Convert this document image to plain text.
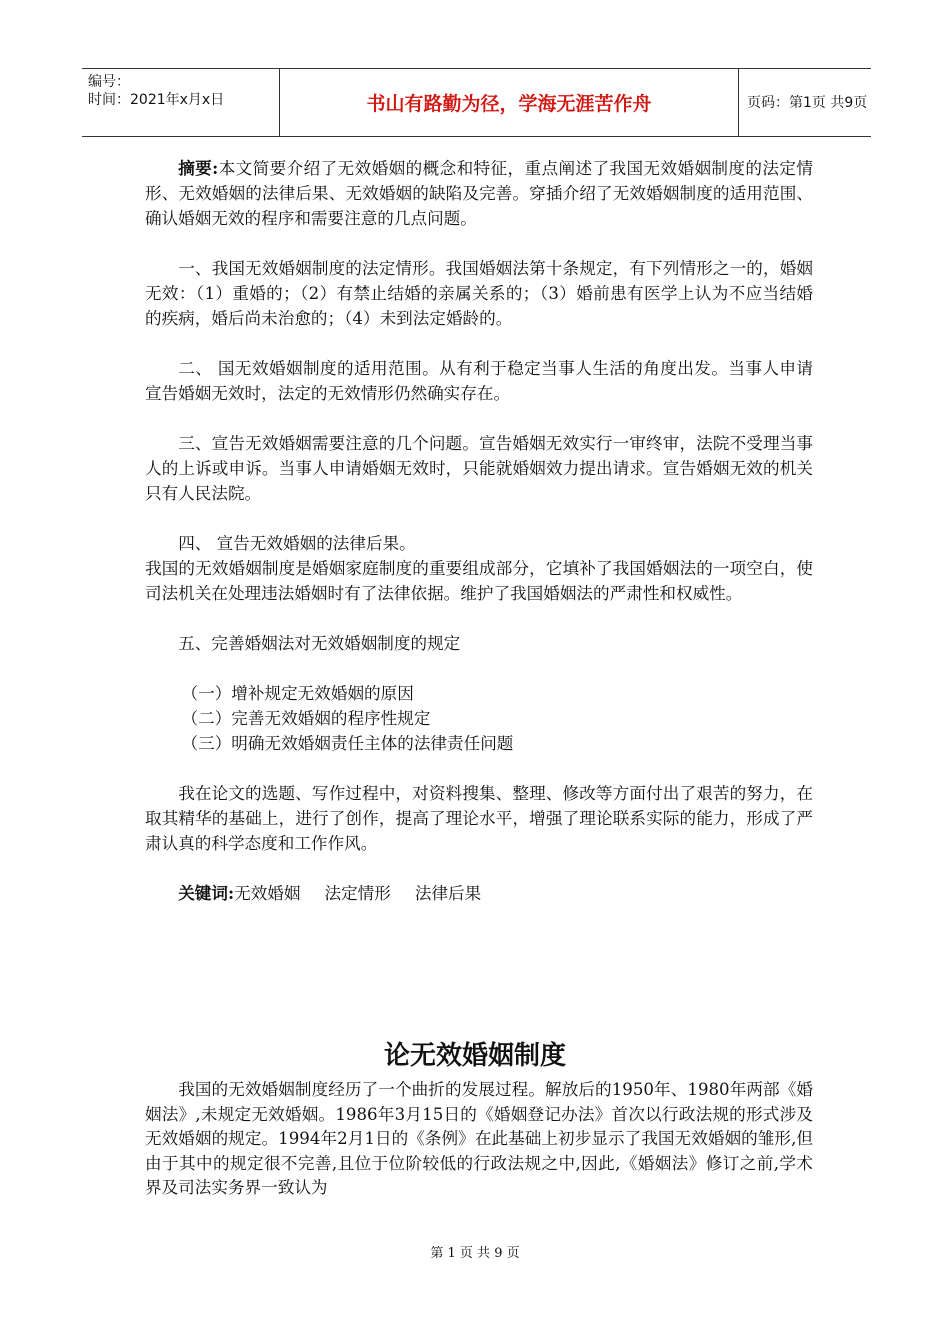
编号：
时间：2021年x月x日	书山有路勤为径，学海无涯苦作舟	页码：第1页 共9页

摘要:本文简要介绍了无效婚姻的概念和特征，重点阐述了我国无效婚姻制度的法定情形、无效婚姻的法律后果、无效婚姻的缺陷及完善。穿插介绍了无效婚姻制度的适用范围、确认婚姻无效的程序和需要注意的几点问题。

一、我国无效婚姻制度的法定情形。我国婚姻法第十条规定，有下列情形之一的，婚姻无效：（1）重婚的；（2）有禁止结婚的亲属关系的；（3）婚前患有医学上认为不应当结婚的疾病，婚后尚未治愈的；（4）未到法定婚龄的。

二、 国无效婚姻制度的适用范围。从有利于稳定当事人生活的角度出发。当事人申请宣告婚姻无效时，法定的无效情形仍然确实存在。

三、宣告无效婚姻需要注意的几个问题。宣告婚姻无效实行一审终审，法院不受理当事人的上诉或申诉。当事人申请婚姻无效时，只能就婚姻效力提出请求。宣告婚姻无效的机关只有人民法院。

四、 宣告无效婚姻的法律后果。

我国的无效婚姻制度是婚姻家庭制度的重要组成部分，它填补了我国婚姻法的一项空白，使司法机关在处理违法婚姻时有了法律依据。维护了我国婚姻法的严肃性和权威性。

五、完善婚姻法对无效婚姻制度的规定

（一）增补规定无效婚姻的原因

（二）完善无效婚姻的程序性规定

（三）明确无效婚姻责任主体的法律责任问题

我在论文的选题、写作过程中，对资料搜集、整理、修改等方面付出了艰苦的努力，在取其精华的基础上，进行了创作，提高了理论水平，增强了理论联系实际的能力，形成了严肃认真的科学态度和工作作风。

关键词:无效婚姻 法定情形 法律后果

论无效婚姻制度

我国的无效婚姻制度经历了一个曲折的发展过程。解放后的1950年、1980年两部《婚姻法》,未规定无效婚姻。1986年3月15日的《婚姻登记办法》首次以行政法规的形式涉及无效婚姻的规定。1994年2月1日的《条例》在此基础上初步显示了我国无效婚姻的雏形,但由于其中的规定很不完善,且位于位阶较低的行政法规之中,因此,《婚姻法》修订之前,学术界及司法实务界一致认为

第 1 页 共 9 页
